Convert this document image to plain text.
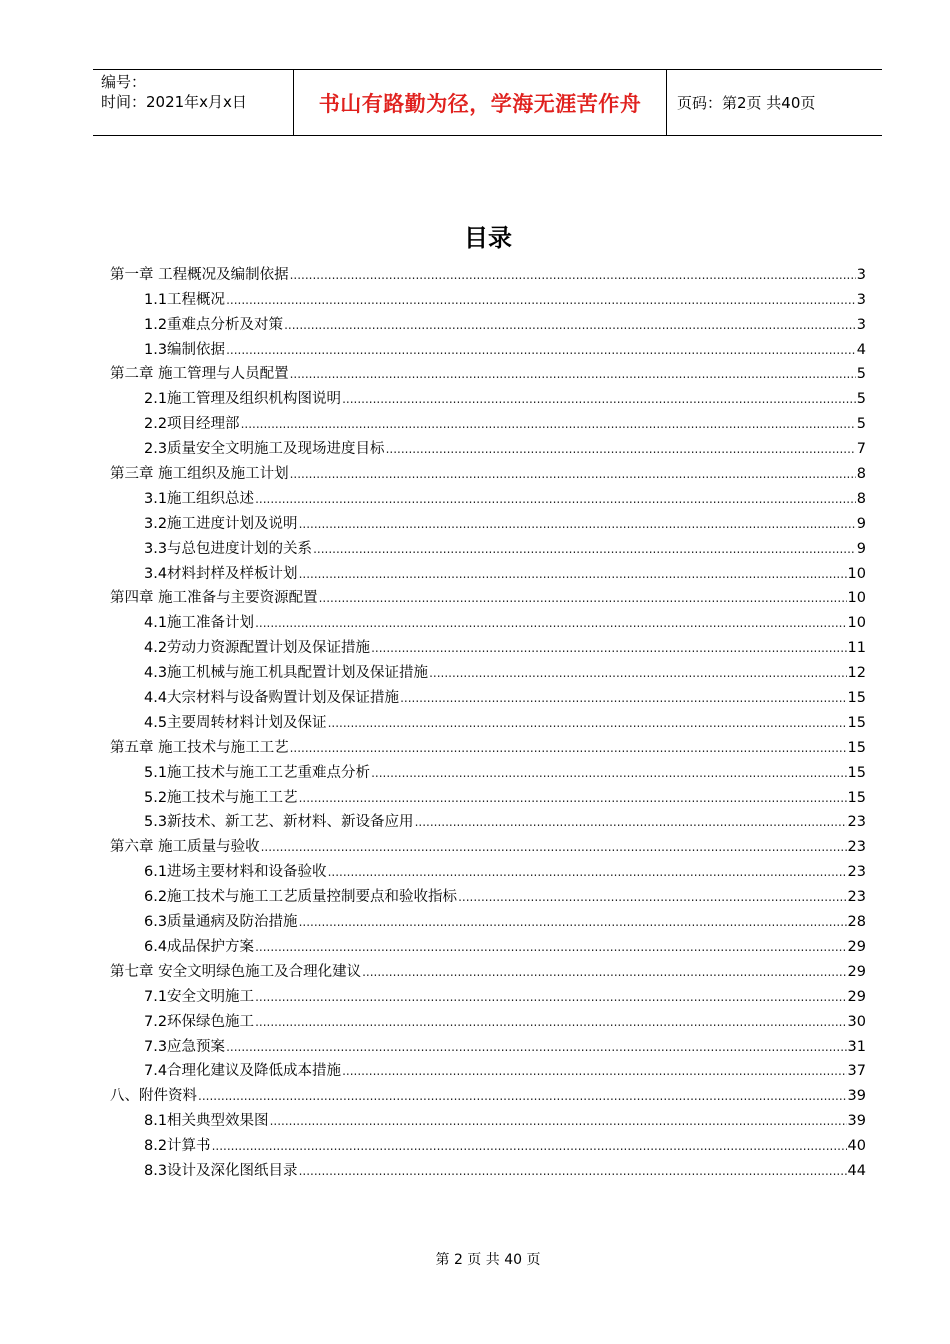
编号：
时间：2021年x月x日	书山有路勤为径，学海无涯苦作舟 页码：第2页 共40页
目录
第一章 工程概况及编制依据 .....	3
1.1工程概况 .....	3
1.2重难点分析及对策 .....	3
1.3编制依据 .....	4
第二章 施工管理与人员配置 .....	5
2.1施工管理及组织机构图说明 .....	5
2.2项目经理部 .....	5
2.3质量安全文明施工及现场进度目标 .....	7
第三章 施工组织及施工计划 .....	8
3.1施工组织总述 .....	8
3.2施工进度计划及说明 .....	9
3.3与总包进度计划的关系 .....	9
3.4材料封样及样板计划 .....	10
第四章 施工准备与主要资源配置 .....	10
4.1施工准备计划 .....	10
4.2劳动力资源配置计划及保证措施 .....	11
4.3施工机械与施工机具配置计划及保证措施 .....	12
4.4大宗材料与设备购置计划及保证措施 .....	15
4.5主要周转材料计划及保证 .....	15
第五章 施工技术与施工工艺 .....	15
5.1施工技术与施工工艺重难点分析 .....	15
5.2施工技术与施工工艺 .....	15
5.3新技术、新工艺、新材料、新设备应用 .....	23
第六章 施工质量与验收 .....	23
6.1进场主要材料和设备验收 .....	23
6.2施工技术与施工工艺质量控制要点和验收指标 .....	23
6.3质量通病及防治措施 .....	28
6.4成品保护方案 .....	29
第七章 安全文明绿色施工及合理化建议 .....	29
7.1安全文明施工 .....	29
7.2环保绿色施工 .....	30
7.3应急预案 .....	31
7.4合理化建议及降低成本措施 .....	37
八、附件资料 .....	39
8.1相关典型效果图 .....	39
8.2计算书 .....	40
8.3设计及深化图纸目录 .....	44
第 2 页 共 40 页
